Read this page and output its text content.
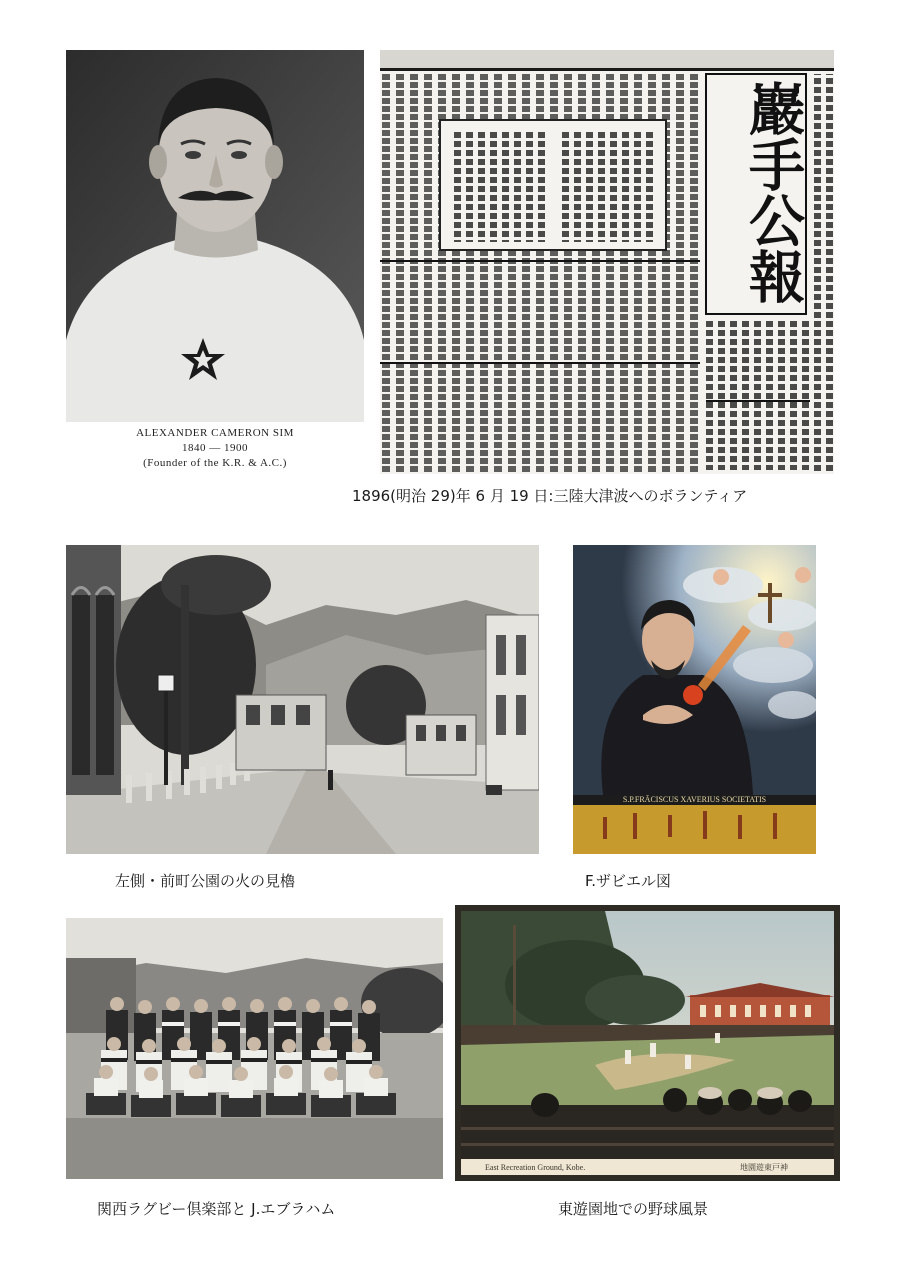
ALEXANDER CAMERON SIM
1840 — 1900
(Founder of the K.R. & A.C.)
巖手公報
1896(明治 29)年 6 月 19 日:三陸大津波へのボランティア
左側・前町公園の火の見櫓
S.P.FRĀCISCUS XAVERIUS SOCIETATIS
F.ザビエル図
関西ラグビー倶楽部と J.エブラハム
East Recreation Ground, Kobe.	地園遊東戸神
東遊園地での野球風景
